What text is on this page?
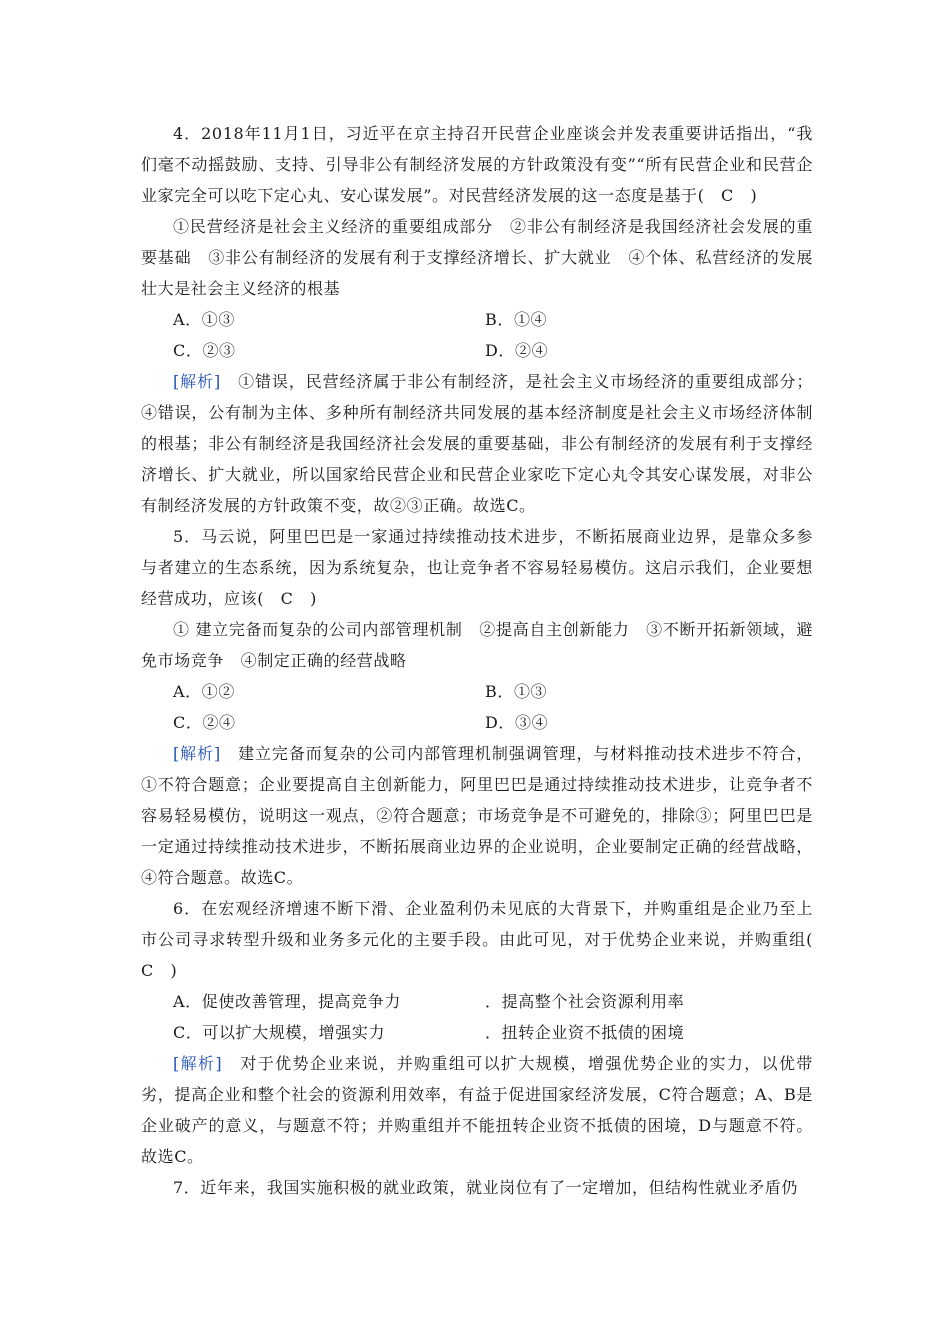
4．2018年11月1日，习近平在京主持召开民营企业座谈会并发表重要讲话指出，“我们毫不动摇鼓励、支持、引导非公有制经济发展的方针政策没有变”“所有民营企业和民营企业家完全可以吃下定心丸、安心谋发展”。对民营经济发展的这一态度是基于(　C　)

①民营经济是社会主义经济的重要组成部分　②非公有制经济是我国经济社会发展的重要基础　③非公有制经济的发展有利于支撑经济增长、扩大就业　④个体、私营经济的发展壮大是社会主义经济的根基

A．①③	B．①④
C．②③	D．②④

[解析]　①错误，民营经济属于非公有制经济，是社会主义市场经济的重要组成部分；④错误，公有制为主体、多种所有制经济共同发展的基本经济制度是社会主义市场经济体制的根基；非公有制经济是我国经济社会发展的重要基础，非公有制经济的发展有利于支撑经济增长、扩大就业，所以国家给民营企业和民营企业家吃下定心丸令其安心谋发展，对非公有制经济发展的方针政策不变，故②③正确。故选C。

5．马云说，阿里巴巴是一家通过持续推动技术进步，不断拓展商业边界，是靠众多参与者建立的生态系统，因为系统复杂，也让竞争者不容易轻易模仿。这启示我们，企业要想经营成功，应该(　C　)

① 建立完备而复杂的公司内部管理机制　②提高自主创新能力　③不断开拓新领域，避免市场竞争　④制定正确的经营战略

A．①②	B．①③
C．②④	D．③④

[解析]　建立完备而复杂的公司内部管理机制强调管理，与材料推动技术进步不符合，①不符合题意；企业要提高自主创新能力，阿里巴巴是通过持续推动技术进步，让竞争者不容易轻易模仿，说明这一观点，②符合题意；市场竞争是不可避免的，排除③；阿里巴巴是一定通过持续推动技术进步，不断拓展商业边界的企业说明，企业要制定正确的经营战略，④符合题意。故选C。

6．在宏观经济增速不断下滑、企业盈利仍未见底的大背景下，并购重组是企业乃至上市公司寻求转型升级和业务多元化的主要手段。由此可见，对于优势企业来说，并购重组(　C　)

A．促使改善管理，提高竞争力	．提高整个社会资源利用率
C．可以扩大规模，增强实力	．扭转企业资不抵债的困境

[解析]　对于优势企业来说，并购重组可以扩大规模，增强优势企业的实力，以优带劣，提高企业和整个社会的资源利用效率，有益于促进国家经济发展，C符合题意；A、B是企业破产的意义，与题意不符；并购重组并不能扭转企业资不抵债的困境，D与题意不符。故选C。

7．近年来，我国实施积极的就业政策，就业岗位有了一定增加，但结构性就业矛盾仍
